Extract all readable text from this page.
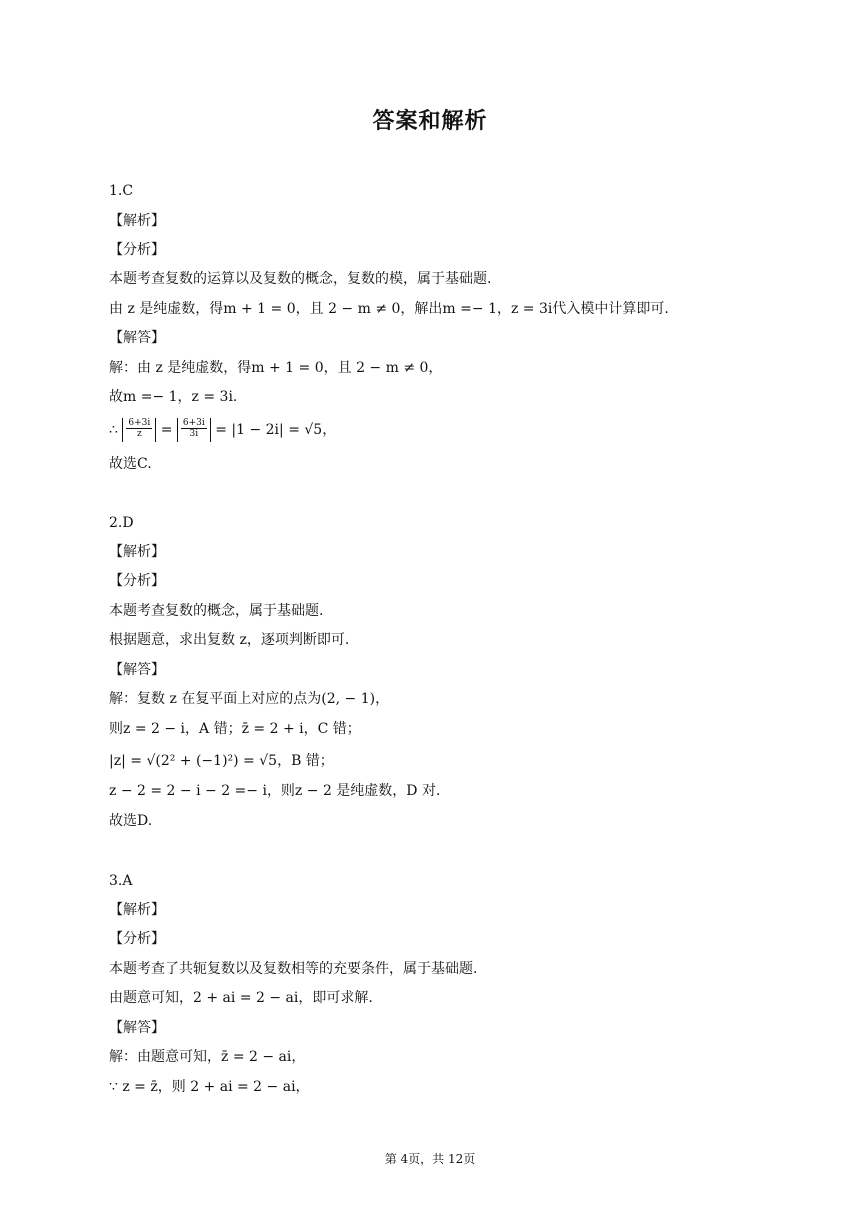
答案和解析
1.C
【解析】
【分析】
本题考查复数的运算以及复数的概念，复数的模，属于基础题.
由 z 是纯虚数，得m + 1 = 0，且 2 − m ≠ 0，解出m =− 1，z = 3i代入模中计算即可.
【解答】
解：由 z 是纯虚数，得m + 1 = 0，且 2 − m ≠ 0，
故m =− 1，z = 3i.
∴ $\frac{6+3i}{z} = \frac{6+3i}{3i} = |1 - 2i| = √5$，
故选C.
2.D
【解析】
【分析】
本题考查复数的概念，属于基础题.
根据题意，求出复数 z，逐项判断即可.
【解答】
解：复数 z 在复平面上对应的点为(2, − 1)，
则z = 2 − i，A 错；z̄ = 2 + i，C 错；
|z| = √(2² + (−1)²) = √5，B 错；
z − 2 = 2 − i − 2 =− i，则z − 2 是纯虚数，D 对.
故选D.
3.A
【解析】
【分析】
本题考查了共轭复数以及复数相等的充要条件，属于基础题.
由题意可知，2 + ai = 2 − ai，即可求解.
【解答】
解：由题意可知，z̄ = 2 − ai，
∵ z = z̄，则 2 + ai = 2 − ai，
第 4页，共 12页
